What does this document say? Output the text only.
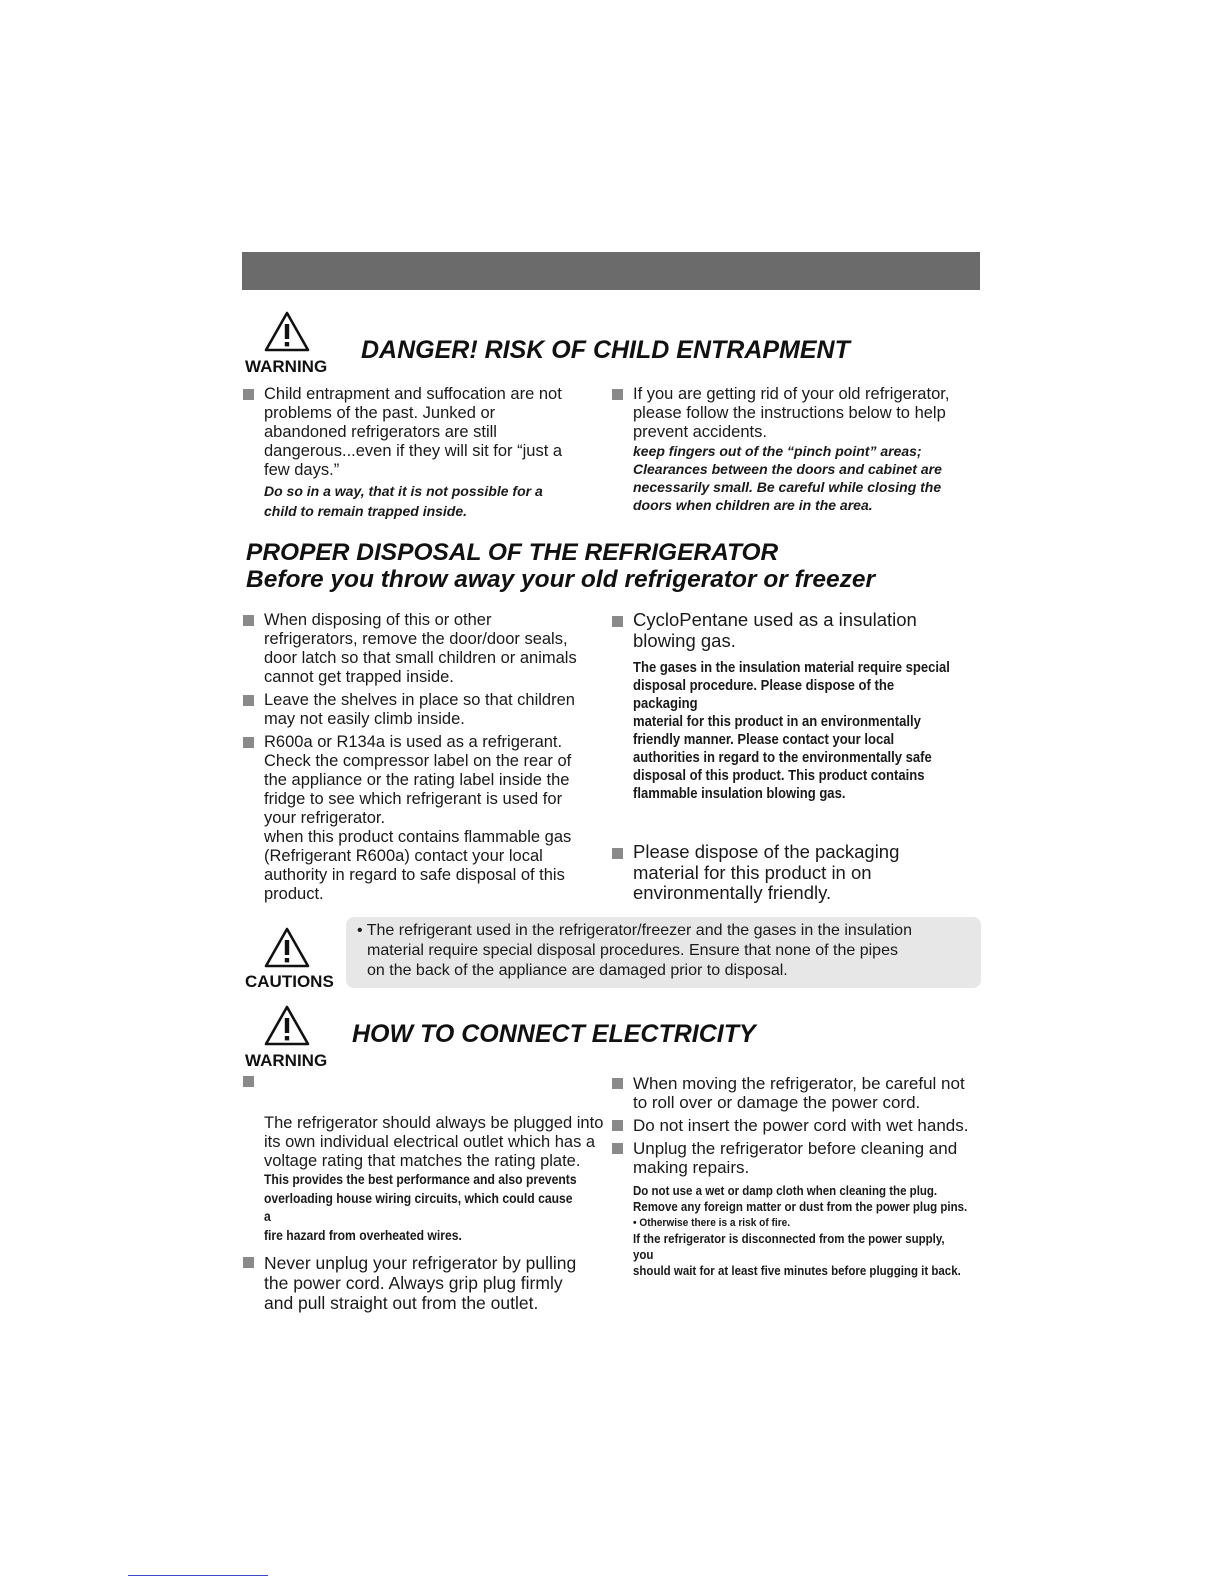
WARNING
DANGER! RISK OF CHILD ENTRAPMENT

Child entrapment and suffocation are not

problems of the past. Junked or

abandoned refrigerators are still

dangerous...even if they will sit for “just a

few days.”

Do so in a way, that it is not possible for a

child to remain trapped inside.

If you are getting rid of your old refrigerator,

please follow the instructions below to help

prevent accidents.

keep fingers out of the “pinch point” areas;

Clearances between the doors and cabinet are

necessarily small. Be careful while closing the

doors when children are in the area.

PROPER DISPOSAL OF THE REFRIGERATOR
Before you throw away your old refrigerator or freezer

When disposing of this or other

refrigerators, remove the door/door seals,

door latch so that small children or animals

cannot get trapped inside.

Leave the shelves in place so that children

may not easily climb inside.

R600a or R134a is used as a refrigerant.

Check the compressor label on the rear of

the appliance or the rating label inside the

fridge to see which refrigerant is used for

your refrigerator.

when this product contains flammable gas

(Refrigerant R600a) contact your local

authority in regard to safe disposal of this

product.

CycloPentane used as a insulation

blowing gas.

The gases in the insulation material require special

disposal procedure. Please dispose of the packaging

material for this product in an environmentally

friendly manner. Please contact your local

authorities in regard to the environmentally safe

disposal of this product. This product contains

flammable insulation blowing gas.

Please dispose of the packaging

material for this product in on

environmentally friendly.

CAUTIONS

• The refrigerant used in the refrigerator/freezer and the gases in the insulation
material require special disposal procedures. Ensure that none of the pipes
on the back of the appliance are damaged prior to disposal.

WARNING
HOW TO CONNECT ELECTRICITY

The refrigerator should always be plugged into

its own individual electrical outlet which has a

voltage rating that matches the rating plate.

This provides the best performance and also prevents

overloading house wiring circuits, which could cause a

fire hazard from overheated wires.

Never unplug your refrigerator by pulling

the power cord. Always grip plug firmly

and pull straight out from the outlet.

When moving the refrigerator, be careful not

to roll over or damage the power cord.

Do not insert the power cord with wet hands.

Unplug the refrigerator before cleaning and

making repairs.

Do not use a wet or damp cloth when cleaning the plug.

Remove any foreign matter or dust from the power plug pins.

• Otherwise there is a risk of fire.

If the refrigerator is disconnected from the power supply, you

should wait for at least five minutes before plugging it back.
